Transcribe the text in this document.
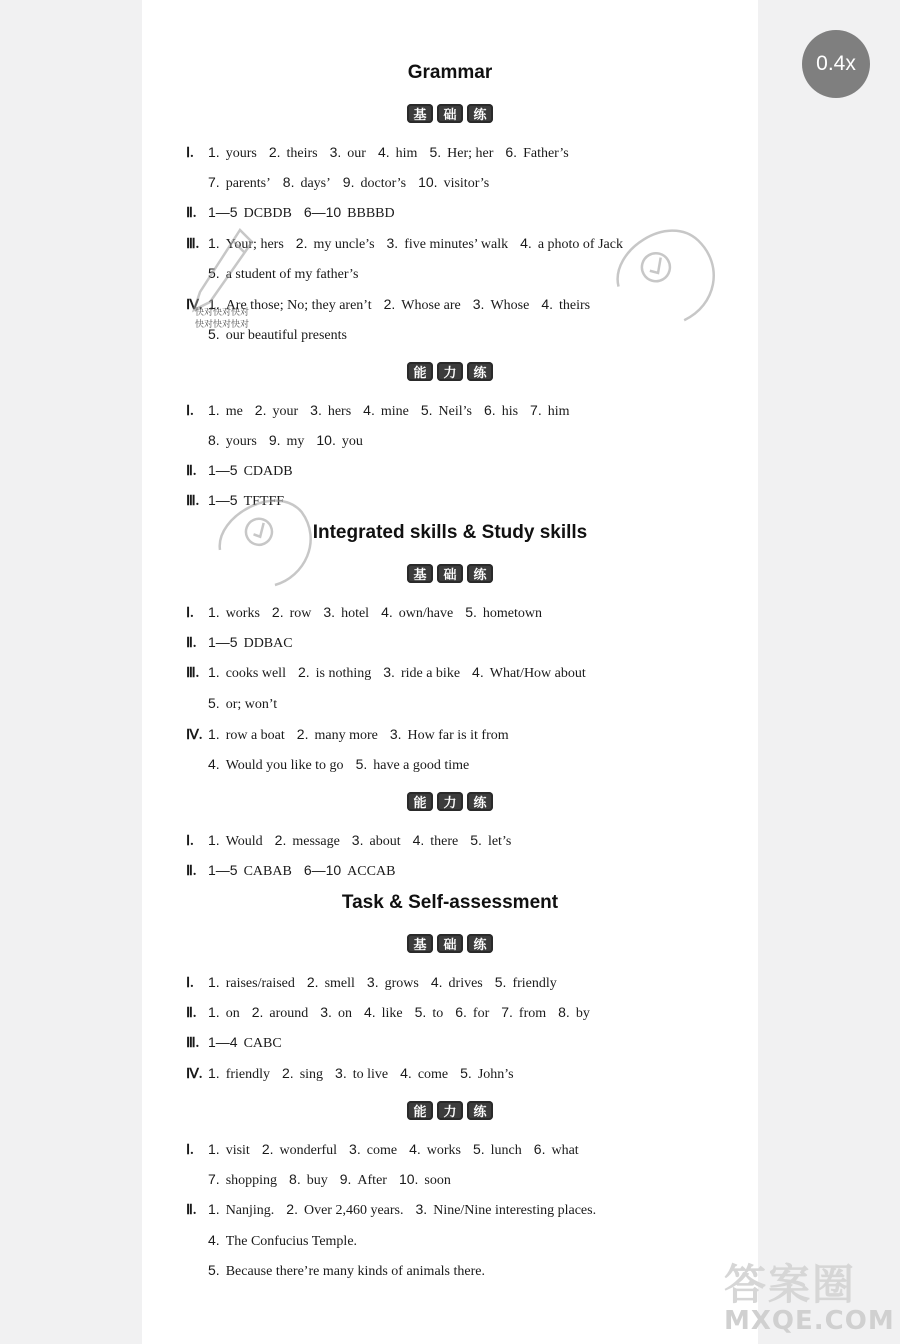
0.4x
Grammar
Integrated skills & Study skills
Task & Self-assessment
基	础	练
能	力	练
基	础	练
能	力	练
基	础	练
能	力	练
Ⅰ. 1. yours 2. theirs 3. our 4. him 5. Her; her 6. Father’s
7. parents’ 8. days’ 9. doctor’s 10. visitor’s
Ⅱ. 1—5 DCBDB 6—10 BBBBD
Ⅲ. 1. Your; hers 2. my uncle’s 3. five minutes’ walk 4. a photo of Jack
5. a student of my father’s
Ⅳ. 1. Are those; No; they aren’t 2. Whose are 3. Whose 4. theirs
5. our beautiful presents
Ⅰ. 1. me 2. your 3. hers 4. mine 5. Neil’s 6. his 7. him
8. yours 9. my 10. you
Ⅱ. 1—5 CDADB
Ⅲ. 1—5 TFTFF
Ⅰ. 1. works 2. row 3. hotel 4. own/have 5. hometown
Ⅱ. 1—5 DDBAC
Ⅲ. 1. cooks well 2. is nothing 3. ride a bike 4. What/How about
5. or; won’t
Ⅳ. 1. row a boat 2. many more 3. How far is it from
4. Would you like to go 5. have a good time
Ⅰ. 1. Would 2. message 3. about 4. there 5. let’s
Ⅱ. 1—5 CABAB 6—10 ACCAB
Ⅰ. 1. raises/raised 2. smell 3. grows 4. drives 5. friendly
Ⅱ. 1. on 2. around 3. on 4. like 5. to 6. for 7. from 8. by
Ⅲ. 1—4 CABC
Ⅳ. 1. friendly 2. sing 3. to live 4. come 5. John’s
Ⅰ. 1. visit 2. wonderful 3. come 4. works 5. lunch 6. what
7. shopping 8. buy 9. After 10. soon
Ⅱ. 1. Nanjing. 2. Over 2,460 years. 3. Nine/Nine interesting places.
4. The Confucius Temple.
5. Because there’re many kinds of animals there.
快对快对快对
快对快对快对
答案圈
MXQE.COM
